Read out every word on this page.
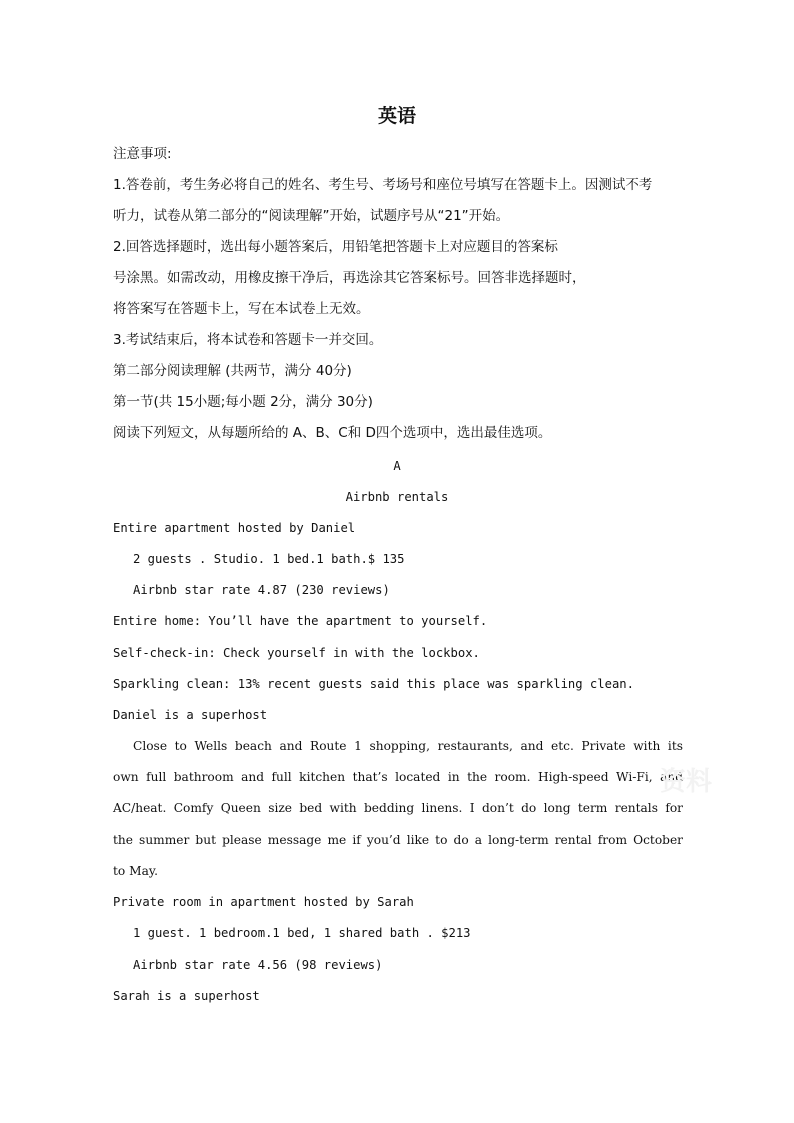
英语
注意事项:
1.答卷前，考生务必将自己的姓名、考生号、考场号和座位号填写在答题卡上。因测试不考
听力，试卷从第二部分的“阅读理解”开始，试题序号从“21”开始。
2.回答选择题时，选出每小题答案后，用铅笔把答题卡上对应题目的答案标
号涂黑。如需改动，用橡皮擦干净后，再选涂其它答案标号。回答非选择题时，
将答案写在答题卡上，写在本试卷上无效。
3.考试结束后，将本试卷和答题卡一并交回。
第二部分阅读理解 (共两节，满分 40分)
第一节(共 15小题;每小题 2分，满分 30分)
阅读下列短文，从每题所给的 A、B、C和 D四个选项中，选出最佳选项。
A
Airbnb rentals
Entire apartment hosted by Daniel
2 guests . Studio. 1 bed.1 bath.$ 135
Airbnb star rate 4.87 (230 reviews)
Entire home: You’ll have the apartment to yourself.
Self-check-in: Check yourself in with the lockbox.
Sparkling clean: 13% recent guests said this place was sparkling clean.
Daniel is a superhost
Close to Wells beach and Route 1 shopping, restaurants, and etc. Private with its
own full bathroom and full kitchen that’s located in the room. High-speed Wi-Fi, and
AC/heat. Comfy Queen size bed with bedding linens. I don’t do long term rentals for
the summer but please message me if you’d like to do a long-term rental from October
to May.
Private room in apartment hosted by Sarah
1 guest. 1 bedroom.1 bed, 1 shared bath . $213
Airbnb star rate 4.56 (98 reviews)
Sarah is a superhost
资料
